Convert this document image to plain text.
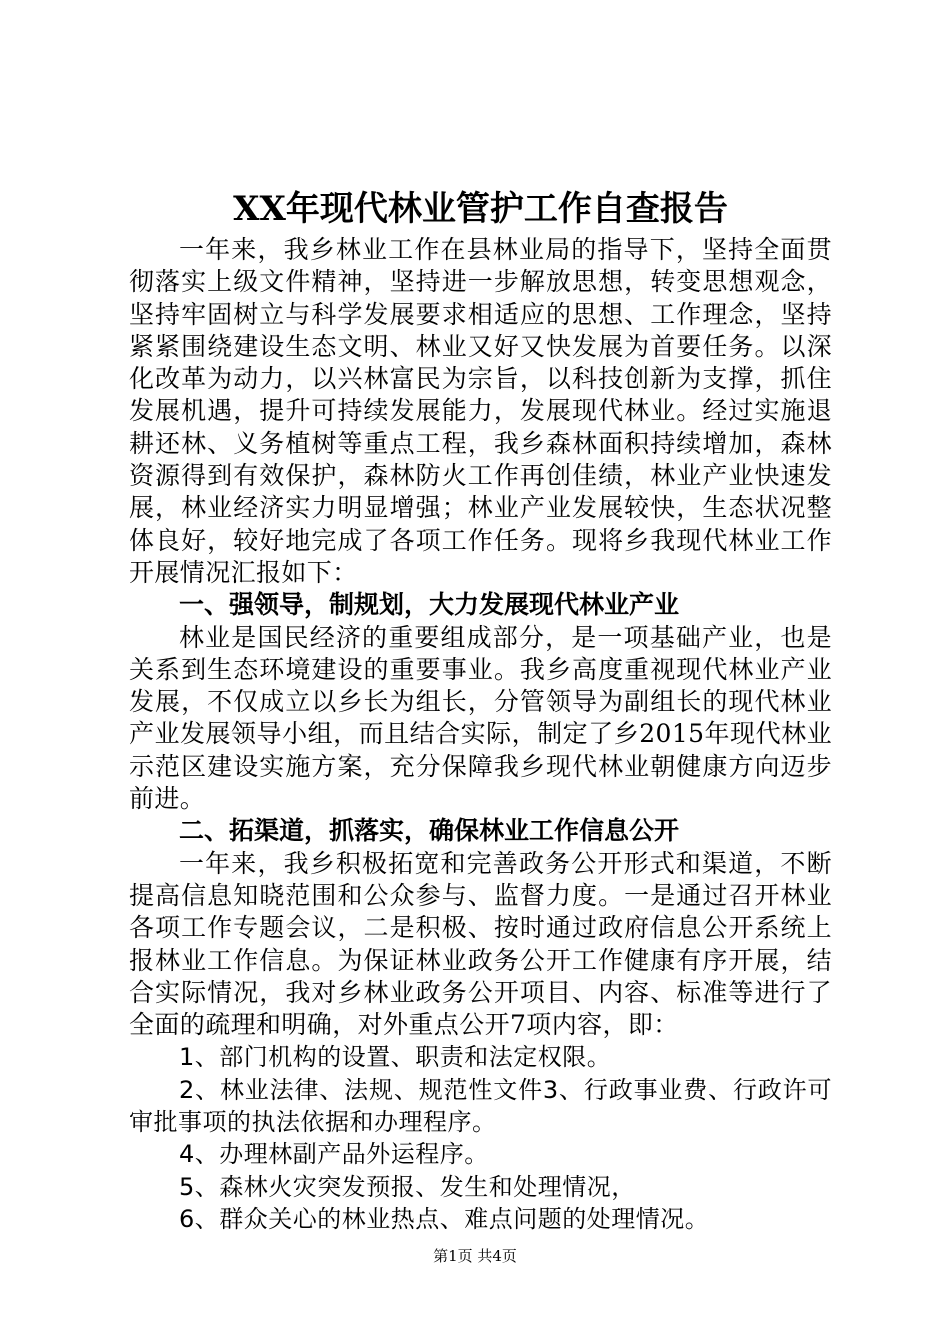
XX年现代林业管护工作自查报告

一年来，我乡林业工作在县林业局的指导下，坚持全面贯彻落实上级文件精神，坚持进一步解放思想，转变思想观念，坚持牢固树立与科学发展要求相适应的思想、工作理念，坚持紧紧围绕建设生态文明、林业又好又快发展为首要任务。以深化改革为动力，以兴林富民为宗旨，以科技创新为支撑，抓住发展机遇，提升可持续发展能力，发展现代林业。经过实施退耕还林、义务植树等重点工程，我乡森林面积持续增加，森林资源得到有效保护，森林防火工作再创佳绩，林业产业快速发展，林业经济实力明显增强；林业产业发展较快，生态状况整体良好，较好地完成了各项工作任务。现将乡我现代林业工作开展情况汇报如下：

一、强领导，制规划，大力发展现代林业产业

林业是国民经济的重要组成部分，是一项基础产业，也是关系到生态环境建设的重要事业。我乡高度重视现代林业产业发展，不仅成立以乡长为组长，分管领导为副组长的现代林业产业发展领导小组，而且结合实际，制定了乡2015年现代林业示范区建设实施方案，充分保障我乡现代林业朝健康方向迈步前进。

二、拓渠道，抓落实，确保林业工作信息公开

一年来，我乡积极拓宽和完善政务公开形式和渠道，不断提高信息知晓范围和公众参与、监督力度。一是通过召开林业各项工作专题会议，二是积极、按时通过政府信息公开系统上报林业工作信息。为保证林业政务公开工作健康有序开展，结合实际情况，我对乡林业政务公开项目、内容、标准等进行了全面的疏理和明确，对外重点公开7项内容，即：

1、部门机构的设置、职责和法定权限。

2、林业法律、法规、规范性文件3、行政事业费、行政许可审批事项的执法依据和办理程序。

4、办理林副产品外运程序。

5、森林火灾突发预报、发生和处理情况，

6、群众关心的林业热点、难点问题的处理情况。

第1页 共4页
